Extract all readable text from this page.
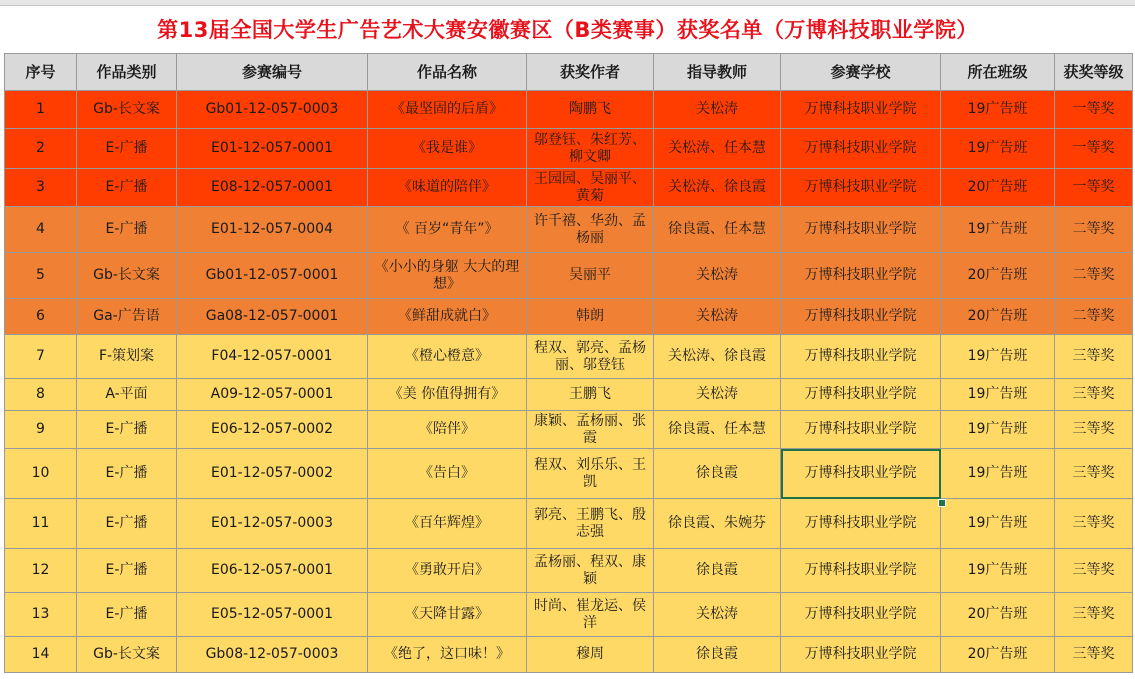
第13届全国大学生广告艺术大赛安徽赛区（B类赛事）获奖名单（万博科技职业学院）
序号	作品类别	参赛编号	作品名称	获奖作者	指导教师	参赛学校	所在班级	获奖等级
1	Gb-长文案	Gb01-12-057-0003	《最坚固的后盾》	陶鹏飞	关松涛	万博科技职业学院	19广告班	一等奖
2	E-广播	E01-12-057-0001	《我是谁》	邬登钰、朱红芳、柳文卿	关松涛、任本慧	万博科技职业学院	19广告班	一等奖
3	E-广播	E08-12-057-0001	《味道的陪伴》	王园园、吴丽平、黄菊	关松涛、徐良霞	万博科技职业学院	20广告班	一等奖
4	E-广播	E01-12-057-0004	《 百岁“青年”》	许千禧、华劲、孟杨丽	徐良霞、任本慧	万博科技职业学院	19广告班	二等奖
5	Gb-长文案	Gb01-12-057-0001	《小小的身躯 大大的理想》	吴丽平	关松涛	万博科技职业学院	20广告班	二等奖
6	Ga-广告语	Ga08-12-057-0001	《鲜甜成就白》	韩朗	关松涛	万博科技职业学院	20广告班	二等奖
7	F-策划案	F04-12-057-0001	《橙心橙意》	程双、郭亮、孟杨丽、邬登钰	关松涛、徐良霞	万博科技职业学院	19广告班	三等奖
8	A-平面	A09-12-057-0001	《美 你值得拥有》	王鹏飞	关松涛	万博科技职业学院	19广告班	三等奖
9	E-广播	E06-12-057-0002	《陪伴》	康颖、孟杨丽、张霞	徐良霞、任本慧	万博科技职业学院	19广告班	三等奖
10	E-广播	E01-12-057-0002	《告白》	程双、刘乐乐、王凯	徐良霞	万博科技职业学院	19广告班	三等奖
11	E-广播	E01-12-057-0003	《百年辉煌》	郭亮、王鹏飞、殷志强	徐良霞、朱婉芬	万博科技职业学院	19广告班	三等奖
12	E-广播	E06-12-057-0001	《勇敢开启》	孟杨丽、程双、康颖	徐良霞	万博科技职业学院	19广告班	三等奖
13	E-广播	E05-12-057-0001	《天降甘露》	时尚、崔龙运、侯洋	关松涛	万博科技职业学院	20广告班	三等奖
14	Gb-长文案	Gb08-12-057-0003	《绝了，这口味！》	穆周	徐良霞	万博科技职业学院	20广告班	三等奖
